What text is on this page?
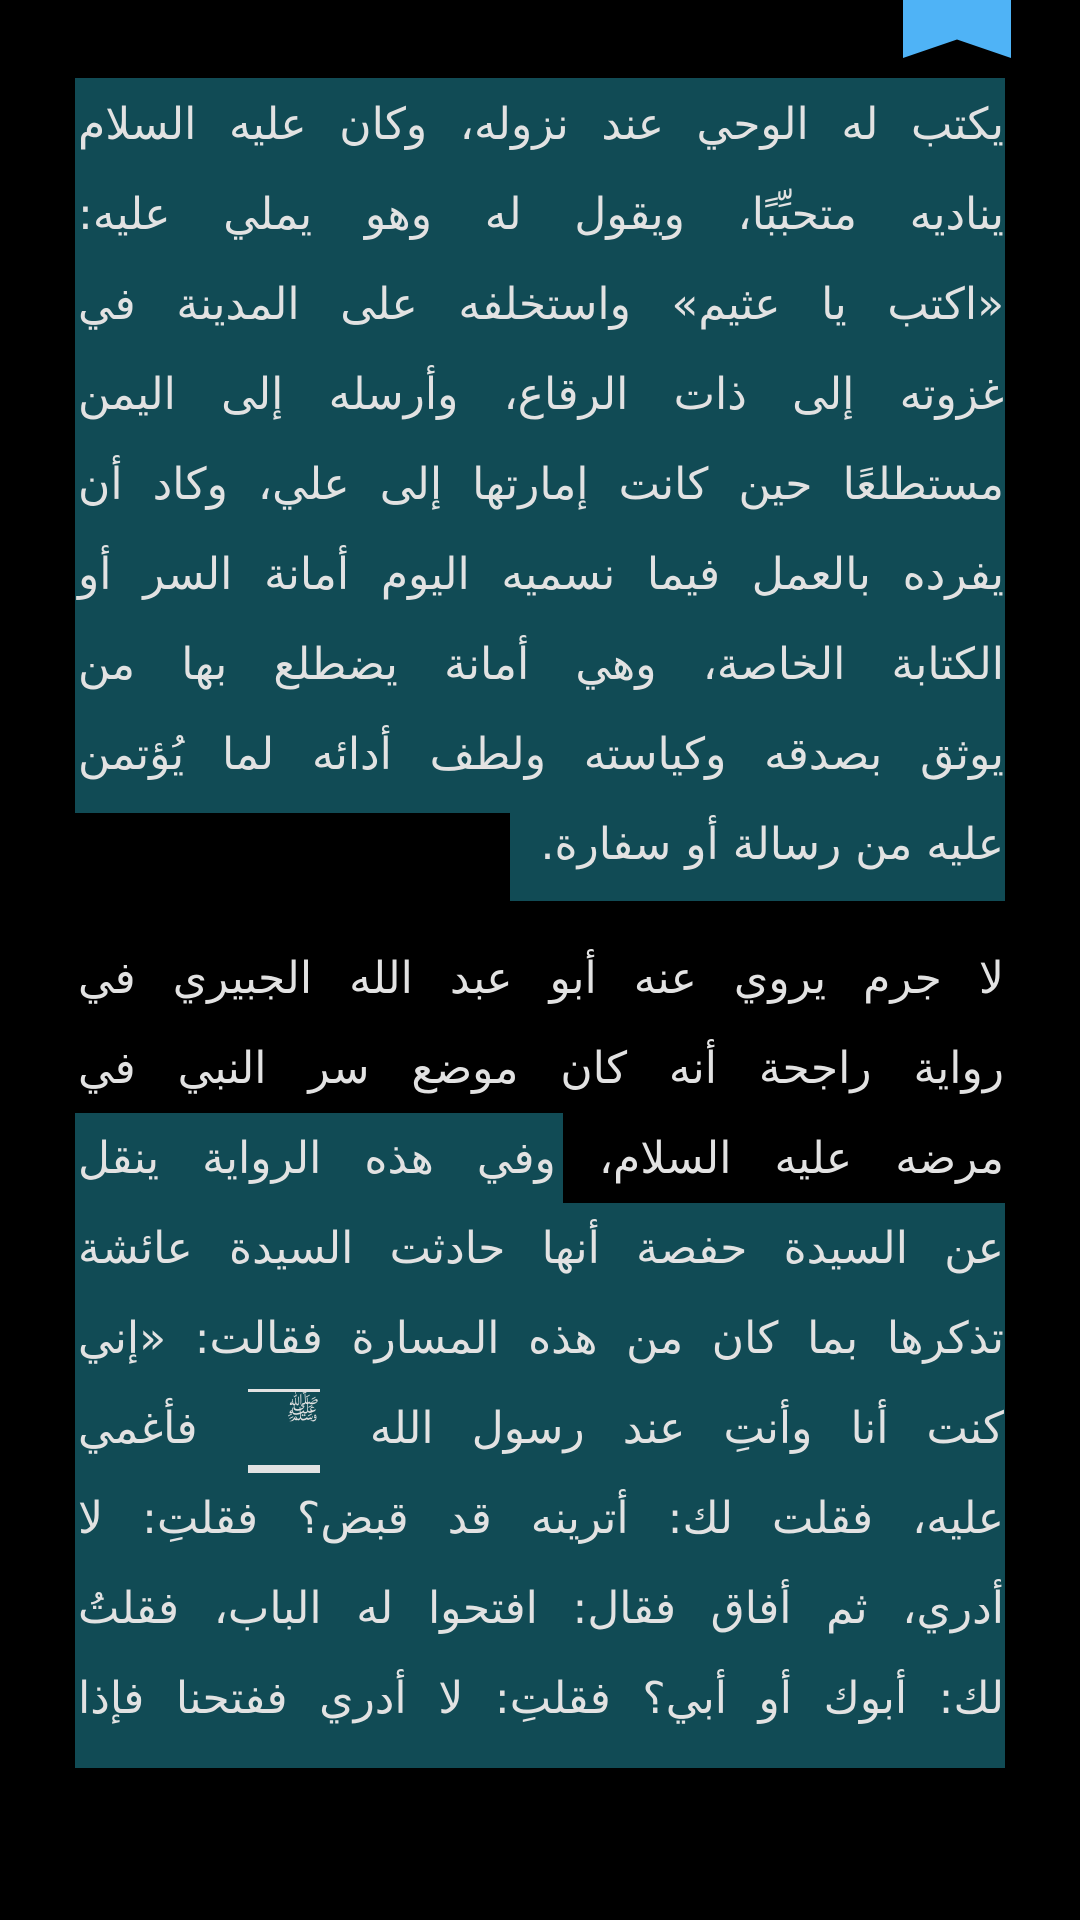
يكتب له الوحي عند نزوله، وكان عليه السلام
يناديه متحبِّبًا، ويقول له وهو يملي عليه:
«اكتب يا عثيم» واستخلفه على المدينة في
غزوته إلى ذات الرقاع، وأرسله إلى اليمن
مستطلعًا حين كانت إمارتها إلى علي، وكاد أن
يفرده بالعمل فيما نسميه اليوم أمانة السر أو
الكتابة الخاصة، وهي أمانة يضطلع بها من
يوثق بصدقه وكياسته ولطف أدائه لما يُؤتمن
عليه من رسالة أو سفارة.
لا جرم يروي عنه أبو عبد الله الجبيري في
رواية راجحة أنه كان موضع سر النبي في
مرضه عليه السلام، وفي هذه الرواية ينقل
عن السيدة حفصة أنها حادثت السيدة عائشة
تذكرها بما كان من هذه المسارة فقالت: «إني
كنت أنا وأنتِ عند رسول الله
ﷺ
فأغمي
عليه، فقلت لك: أترينه قد قبض؟ فقلتِ: لا
أدري، ثم أفاق فقال: افتحوا له الباب، فقلتُ
لك: أبوك أو أبي؟ فقلتِ: لا أدري ففتحنا فإذا
